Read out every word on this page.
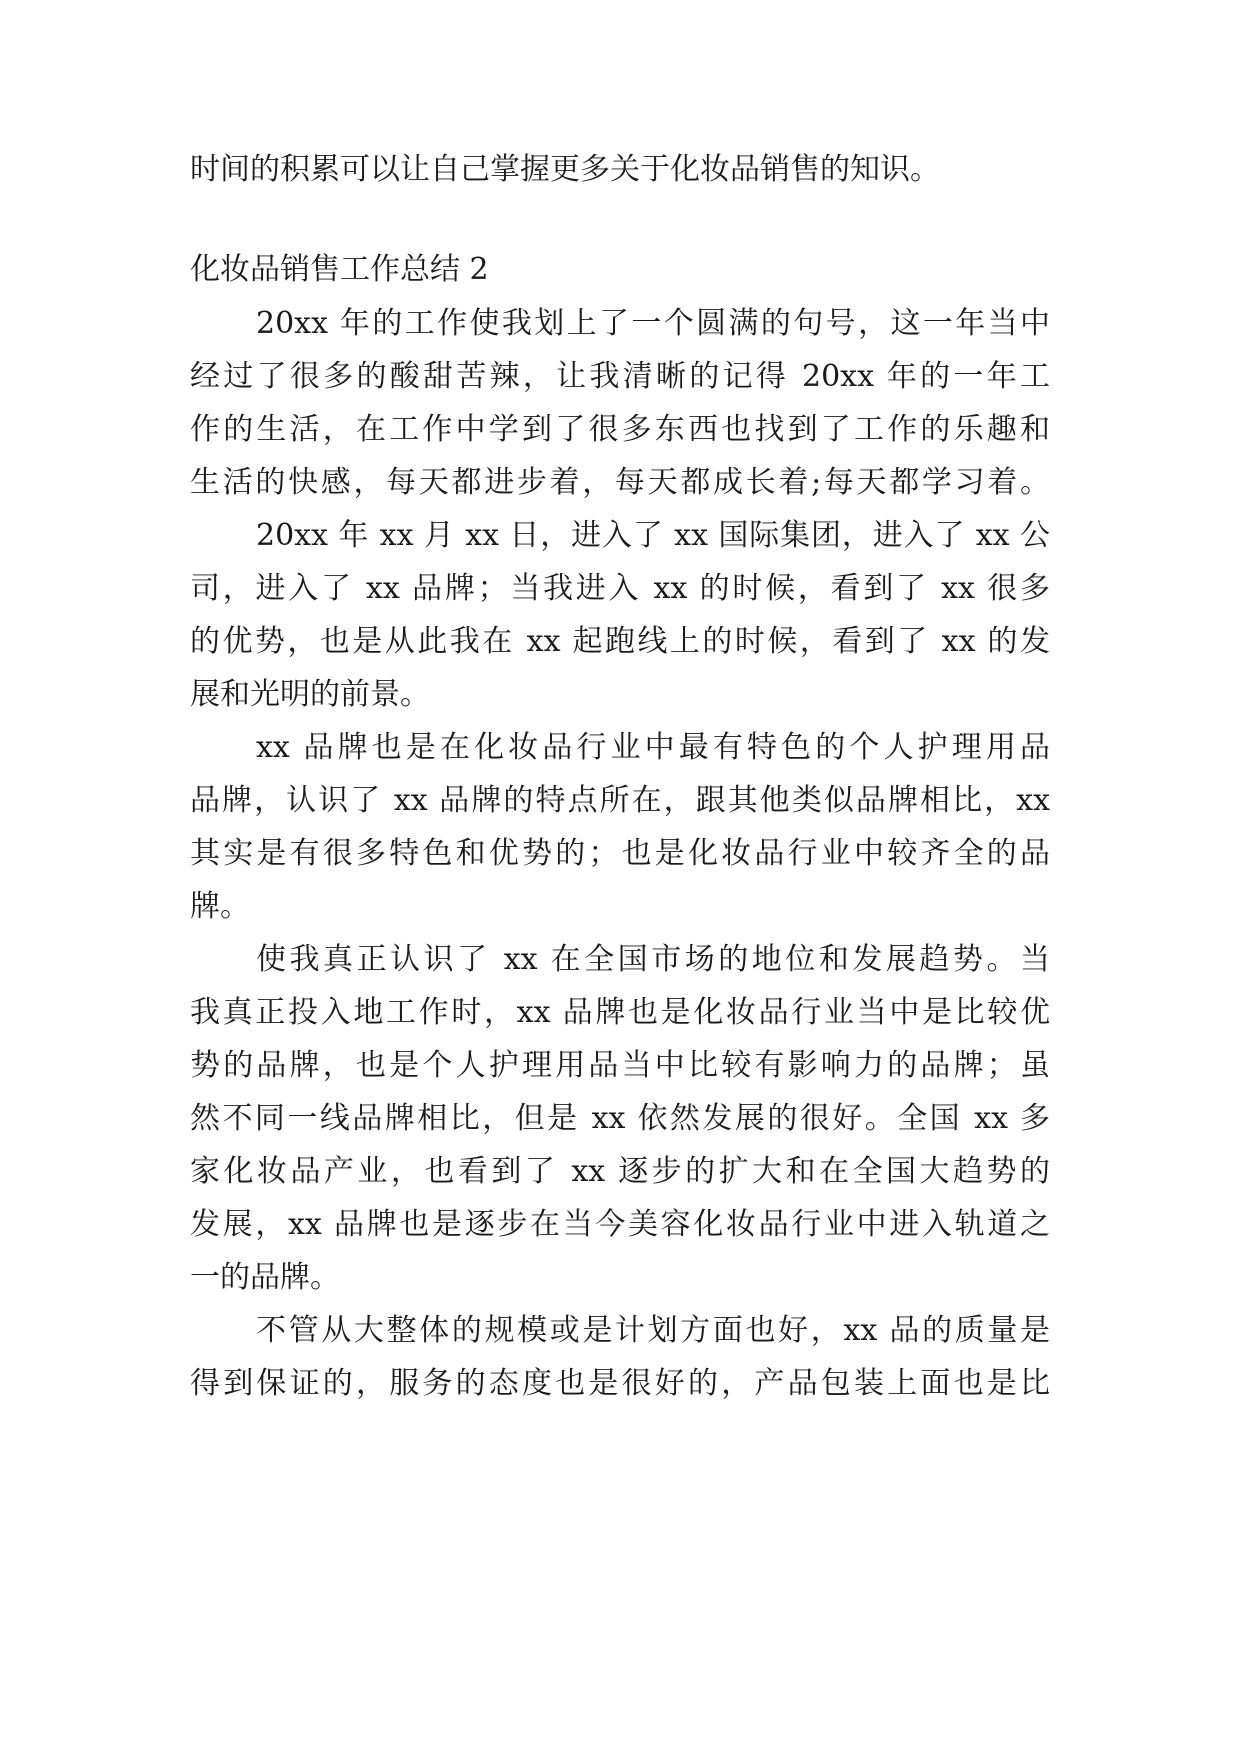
时间的积累可以让自己掌握更多关于化妆品销售的知识。
化妆品销售工作总结 2
20xx 年的工作使我划上了一个圆满的句号，这一年当中
经过了很多的酸甜苦辣，让我清晰的记得 20xx 年的一年工
作的生活，在工作中学到了很多东西也找到了工作的乐趣和
生活的快感，每天都进步着，每天都成长着;每天都学习着。
20xx 年 xx 月 xx 日，进入了 xx 国际集团，进入了 xx 公
司，进入了 xx 品牌；当我进入 xx 的时候，看到了 xx 很多
的优势，也是从此我在 xx 起跑线上的时候，看到了 xx 的发
展和光明的前景。
xx 品牌也是在化妆品行业中最有特色的个人护理用品
品牌，认识了 xx 品牌的特点所在，跟其他类似品牌相比，xx
其实是有很多特色和优势的；也是化妆品行业中较齐全的品
牌。
使我真正认识了 xx 在全国市场的地位和发展趋势。当
我真正投入地工作时，xx 品牌也是化妆品行业当中是比较优
势的品牌，也是个人护理用品当中比较有影响力的品牌；虽
然不同一线品牌相比，但是 xx 依然发展的很好。全国 xx 多
家化妆品产业，也看到了 xx 逐步的扩大和在全国大趋势的
发展，xx 品牌也是逐步在当今美容化妆品行业中进入轨道之
一的品牌。
不管从大整体的规模或是计划方面也好，xx 品的质量是
得到保证的，服务的态度也是很好的，产品包装上面也是比
